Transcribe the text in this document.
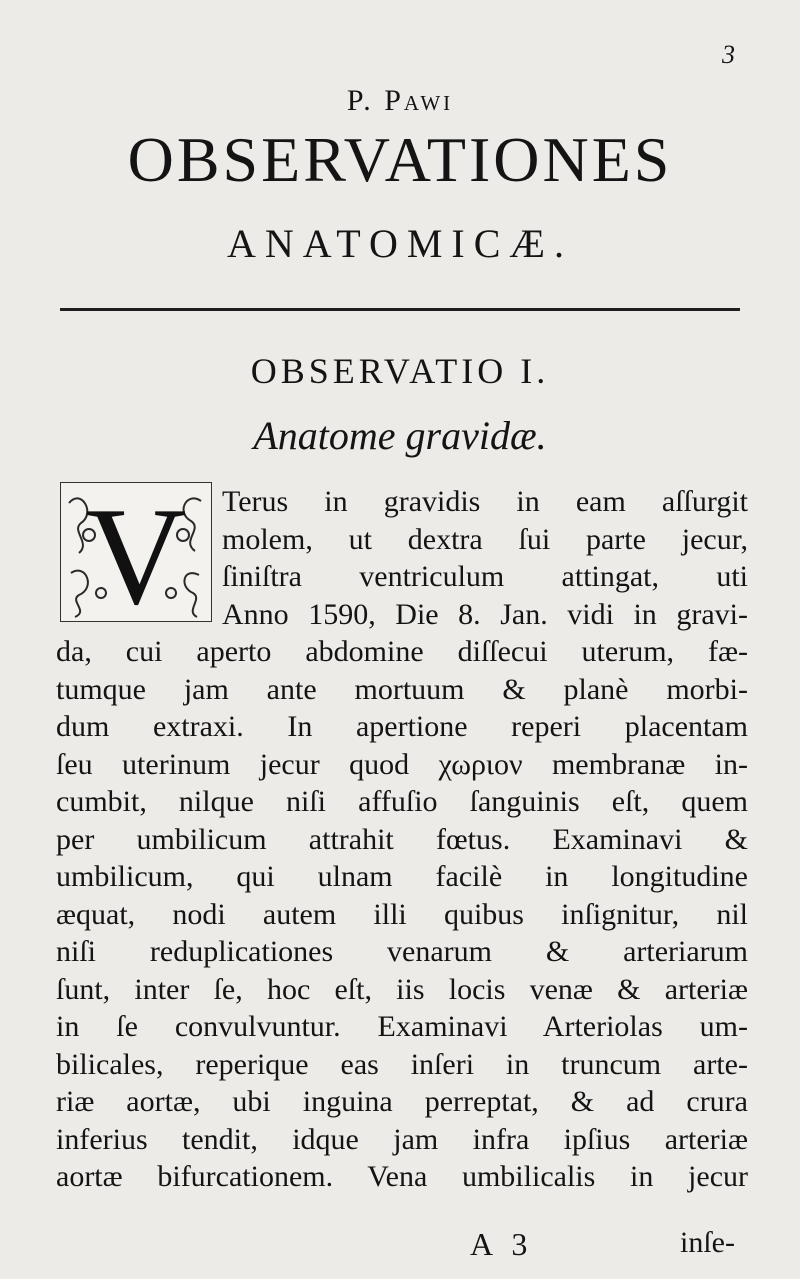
3
P. Pawi
OBSERVATIONES
ANATOMICÆ.
OBSERVATIO I.
Anatome gravidæ.
V Terus in gravidis in eam aſſurgit
molem, ut dextra ſui parte jecur,
ſiniſtra ventriculum attingat, uti
Anno 1590, Die 8. Jan. vidi in gravi-
da, cui aperto abdomine diſſecui uterum, fæ-
tumque jam ante mortuum & planè morbi-
dum extraxi. In apertione reperi placentam
ſeu uterinum jecur quod χωριον membranæ in-
cumbit, nilque niſi affuſio ſanguinis eſt, quem
per umbilicum attrahit fœtus. Examinavi &
umbilicum, qui ulnam facilè in longitudine
æquat, nodi autem illi quibus inſignitur, nil
niſi reduplicationes venarum & arteriarum
ſunt, inter ſe, hoc eſt, iis locis venæ & arteriæ
in ſe convulvuntur. Examinavi Arteriolas um-
bilicales, reperique eas inſeri in truncum arte-
riæ aortæ, ubi inguina perreptat, & ad crura
inferius tendit, idque jam infra ipſius arteriæ
aortæ bifurcationem. Vena umbilicalis in jecur
A 3	inſe-
